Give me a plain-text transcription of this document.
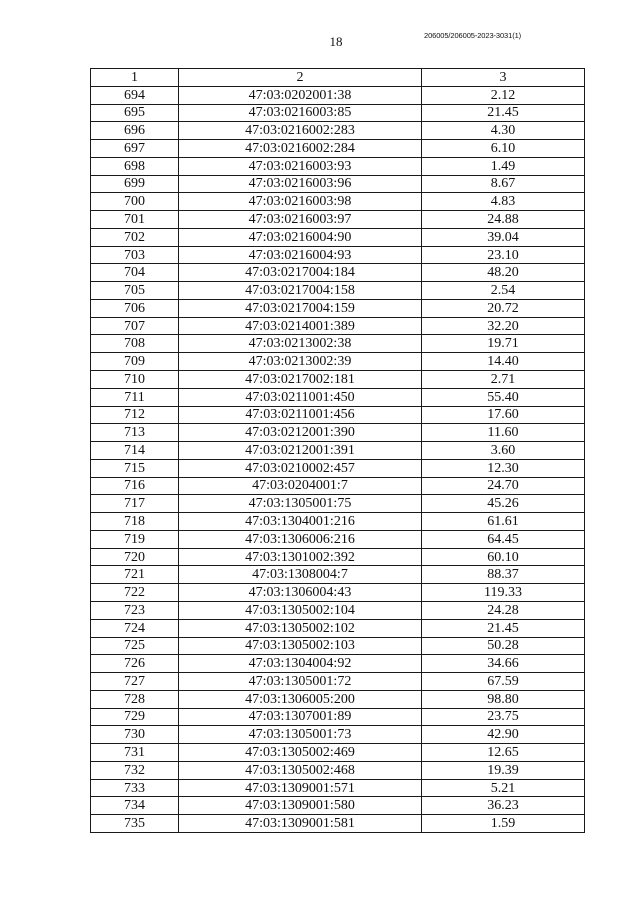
18	206005/206005-2023-3031(1)
1	2	3
694	47:03:0202001:38	2.12
695	47:03:0216003:85	21.45
696	47:03:0216002:283	4.30
697	47:03:0216002:284	6.10
698	47:03:0216003:93	1.49
699	47:03:0216003:96	8.67
700	47:03:0216003:98	4.83
701	47:03:0216003:97	24.88
702	47:03:0216004:90	39.04
703	47:03:0216004:93	23.10
704	47:03:0217004:184	48.20
705	47:03:0217004:158	2.54
706	47:03:0217004:159	20.72
707	47:03:0214001:389	32.20
708	47:03:0213002:38	19.71
709	47:03:0213002:39	14.40
710	47:03:0217002:181	2.71
711	47:03:0211001:450	55.40
712	47:03:0211001:456	17.60
713	47:03:0212001:390	11.60
714	47:03:0212001:391	3.60
715	47:03:0210002:457	12.30
716	47:03:0204001:7	24.70
717	47:03:1305001:75	45.26
718	47:03:1304001:216	61.61
719	47:03:1306006:216	64.45
720	47:03:1301002:392	60.10
721	47:03:1308004:7	88.37
722	47:03:1306004:43	119.33
723	47:03:1305002:104	24.28
724	47:03:1305002:102	21.45
725	47:03:1305002:103	50.28
726	47:03:1304004:92	34.66
727	47:03:1305001:72	67.59
728	47:03:1306005:200	98.80
729	47:03:1307001:89	23.75
730	47:03:1305001:73	42.90
731	47:03:1305002:469	12.65
732	47:03:1305002:468	19.39
733	47:03:1309001:571	5.21
734	47:03:1309001:580	36.23
735	47:03:1309001:581	1.59
